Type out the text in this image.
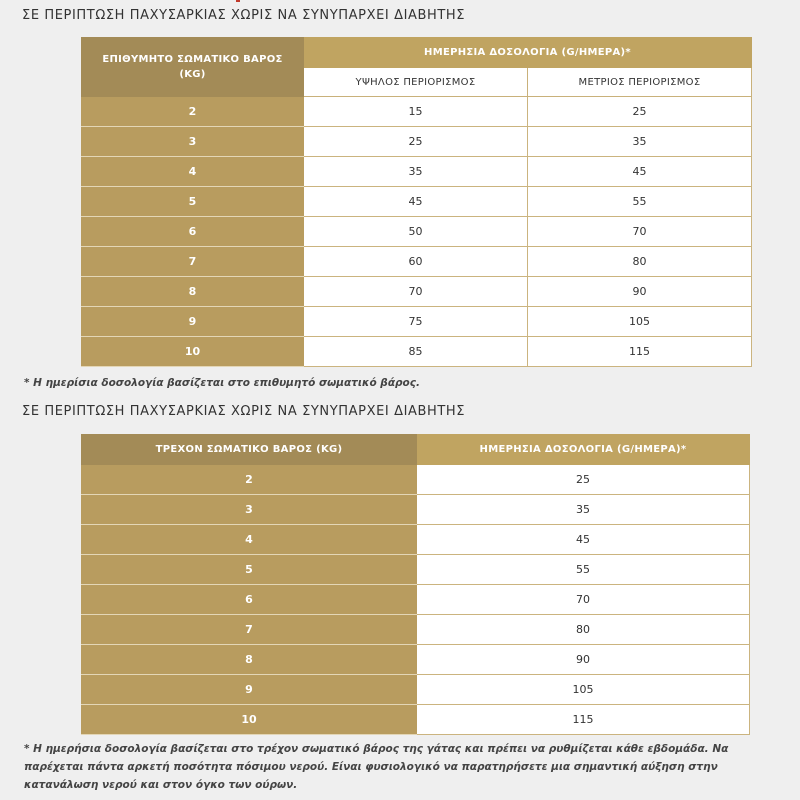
ΣΕ ΠΕΡΙΠΤΩΣΗ ΠΑΧΥΣΑΡΚΙΑΣ ΧΩΡΙΣ ΝΑ ΣΥΝΥΠΑΡΧΕΙ ΔΙΑΒΗΤΗΣ
ΕΠΙΘΥΜΗΤΟ ΣΩΜΑΤΙΚΟ ΒΑΡΟΣ (KG)	ΗΜΕΡΗΣΙΑ ΔΟΣΟΛΟΓΙΑ (G/ΗΜΕΡΑ)*	
	ΥΨΗΛΟΣ ΠΕΡΙΟΡΙΣΜΟΣ	ΜΕΤΡΙΟΣ ΠΕΡΙΟΡΙΣΜΟΣ
2	15	25
3	25	35
4	35	45
5	45	55
6	50	70
7	60	80
8	70	90
9	75	105
10	85	115

* Η ημερίσια δοσολογία βασίζεται στο επιθυμητό σωματικό βάρος.

ΣΕ ΠΕΡΙΠΤΩΣΗ ΠΑΧΥΣΑΡΚΙΑΣ ΧΩΡΙΣ ΝΑ ΣΥΝΥΠΑΡΧΕΙ ΔΙΑΒΗΤΗΣ
ΤΡΕΧΟΝ ΣΩΜΑΤΙΚΟ ΒΑΡΟΣ (KG)	ΗΜΕΡΗΣΙΑ ΔΟΣΟΛΟΓΙΑ (G/ΗΜΕΡΑ)*
2	25
3	35
4	45
5	55
6	70
7	80
8	90
9	105
10	115

* Η ημερήσια δοσολογία βασίζεται στο τρέχον σωματικό βάρος της γάτας και πρέπει να ρυθμίζεται κάθε εβδομάδα. Να παρέχεται πάντα αρκετή ποσότητα πόσιμου νερού. Είναι φυσιολογικό να παρατηρήσετε μια σημαντική αύξηση στην κατανάλωση νερού και στον όγκο των ούρων.
